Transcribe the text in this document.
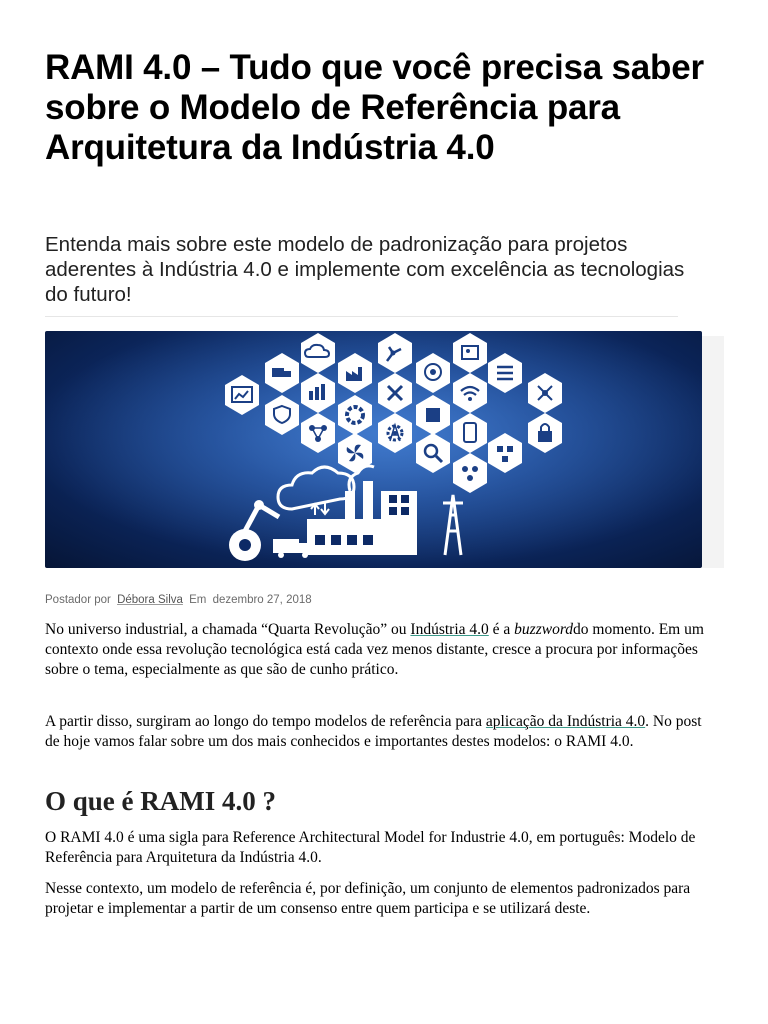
RAMI 4.0 – Tudo que você precisa saber sobre o Modelo de Referência para Arquitetura da Indústria 4.0

Entenda mais sobre este modelo de padronização para projetos aderentes à Indústria 4.0 e implemente com excelência as tecnologias do futuro!

Postador por Débora Silva Em dezembro 27, 2018

No universo industrial, a chamada “Quarta Revolução” ou Indústria 4.0 é a buzzworddo momento. Em um contexto onde essa revolução tecnológica está cada vez menos distante, cresce a procura por informações sobre o tema, especialmente as que são de cunho prático.

A partir disso, surgiram ao longo do tempo modelos de referência para aplicação da Indústria 4.0. No post de hoje vamos falar sobre um dos mais conhecidos e importantes destes modelos: o RAMI 4.0.

O que é RAMI 4.0 ?

O RAMI 4.0 é uma sigla para Reference Architectural Model for Industrie 4.0, em português: Modelo de Referência para Arquitetura da Indústria 4.0.

Nesse contexto, um modelo de referência é, por definição, um conjunto de elementos padronizados para projetar e implementar a partir de um consenso entre quem participa e se utilizará deste.
